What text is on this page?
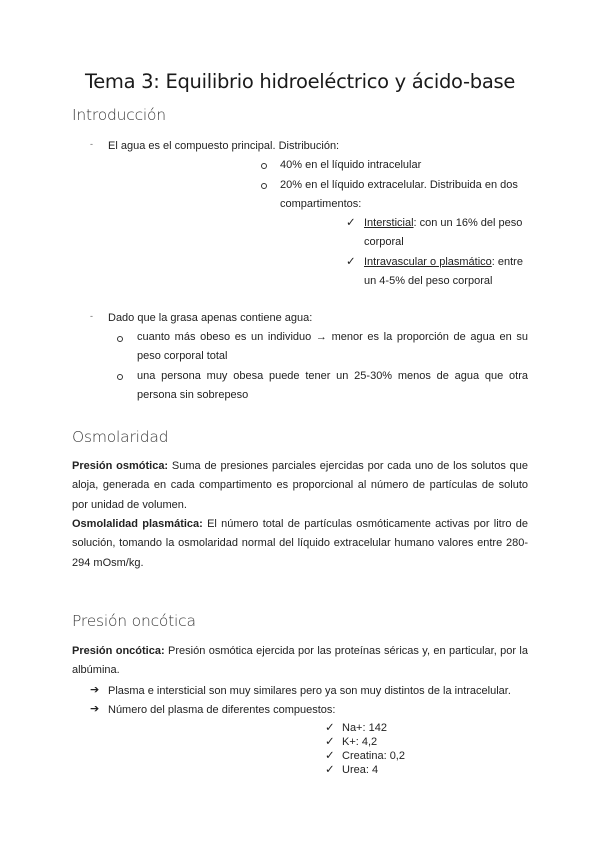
Tema 3: Equilibrio hidroeléctrico y ácido-base
Introducción
- El agua es el compuesto principal. Distribución:
40% en el líquido intracelular
20% en el líquido extracelular. Distribuida en dos
compartimentos:
✓ Intersticial: con un 16% del peso
corporal
✓ Intravascular o plasmático: entre
un 4-5% del peso corporal
- Dado que la grasa apenas contiene agua:
cuanto más obeso es un individuo → menor es la proporción de agua en su
peso corporal total
una persona muy obesa puede tener un 25-30% menos de agua que otra
persona sin sobrepeso
Osmolaridad
Presión osmótica: Suma de presiones parciales ejercidas por cada uno de los solutos que aloja, generada en cada compartimento es proporcional al número de partículas de soluto por unidad de volumen.
Osmolalidad plasmática: El número total de partículas osmóticamente activas por litro de solución, tomando la osmolaridad normal del líquido extracelular humano valores entre 280-294 mOsm/kg.
Presión oncótica
Presión oncótica: Presión osmótica ejercida por las proteínas séricas y, en particular, por la albúmina.
➔ Plasma e intersticial son muy similares pero ya son muy distintos de la intracelular.
➔ Número del plasma de diferentes compuestos:
✓ Na+: 142
✓ K+: 4,2
✓ Creatina: 0,2
✓ Urea: 4
